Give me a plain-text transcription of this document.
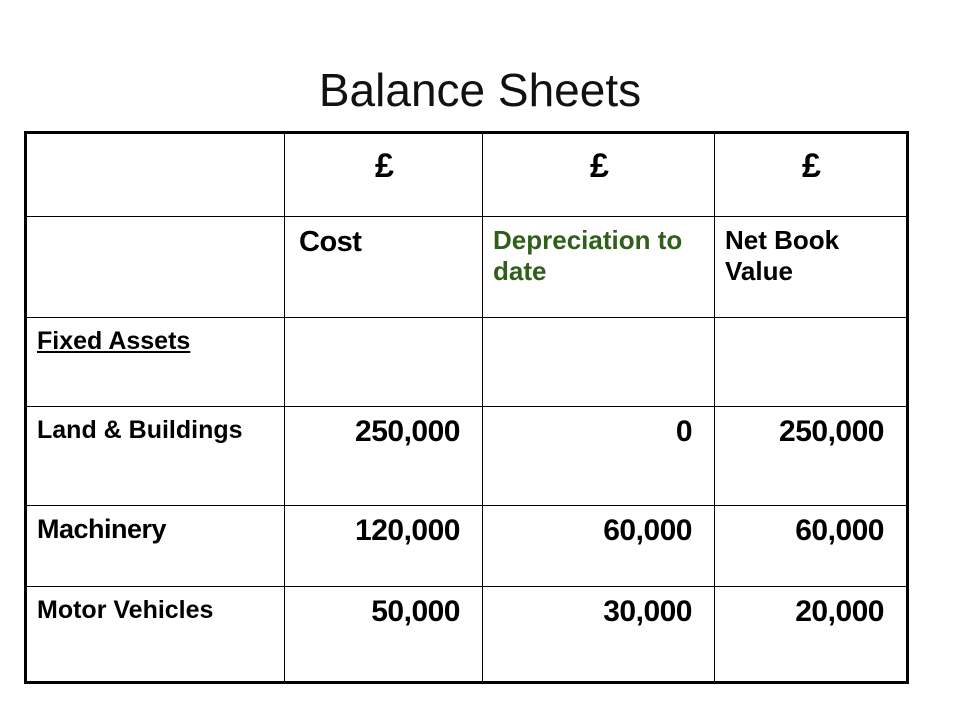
Balance Sheets

	£	£	£

	Cost	Depreciation to date	Net Book Value

Fixed Assets			

Land & Buildings	250,000	0	250,000

Machinery	120,000	60,000	60,000

Motor Vehicles	50,000	30,000	20,000
